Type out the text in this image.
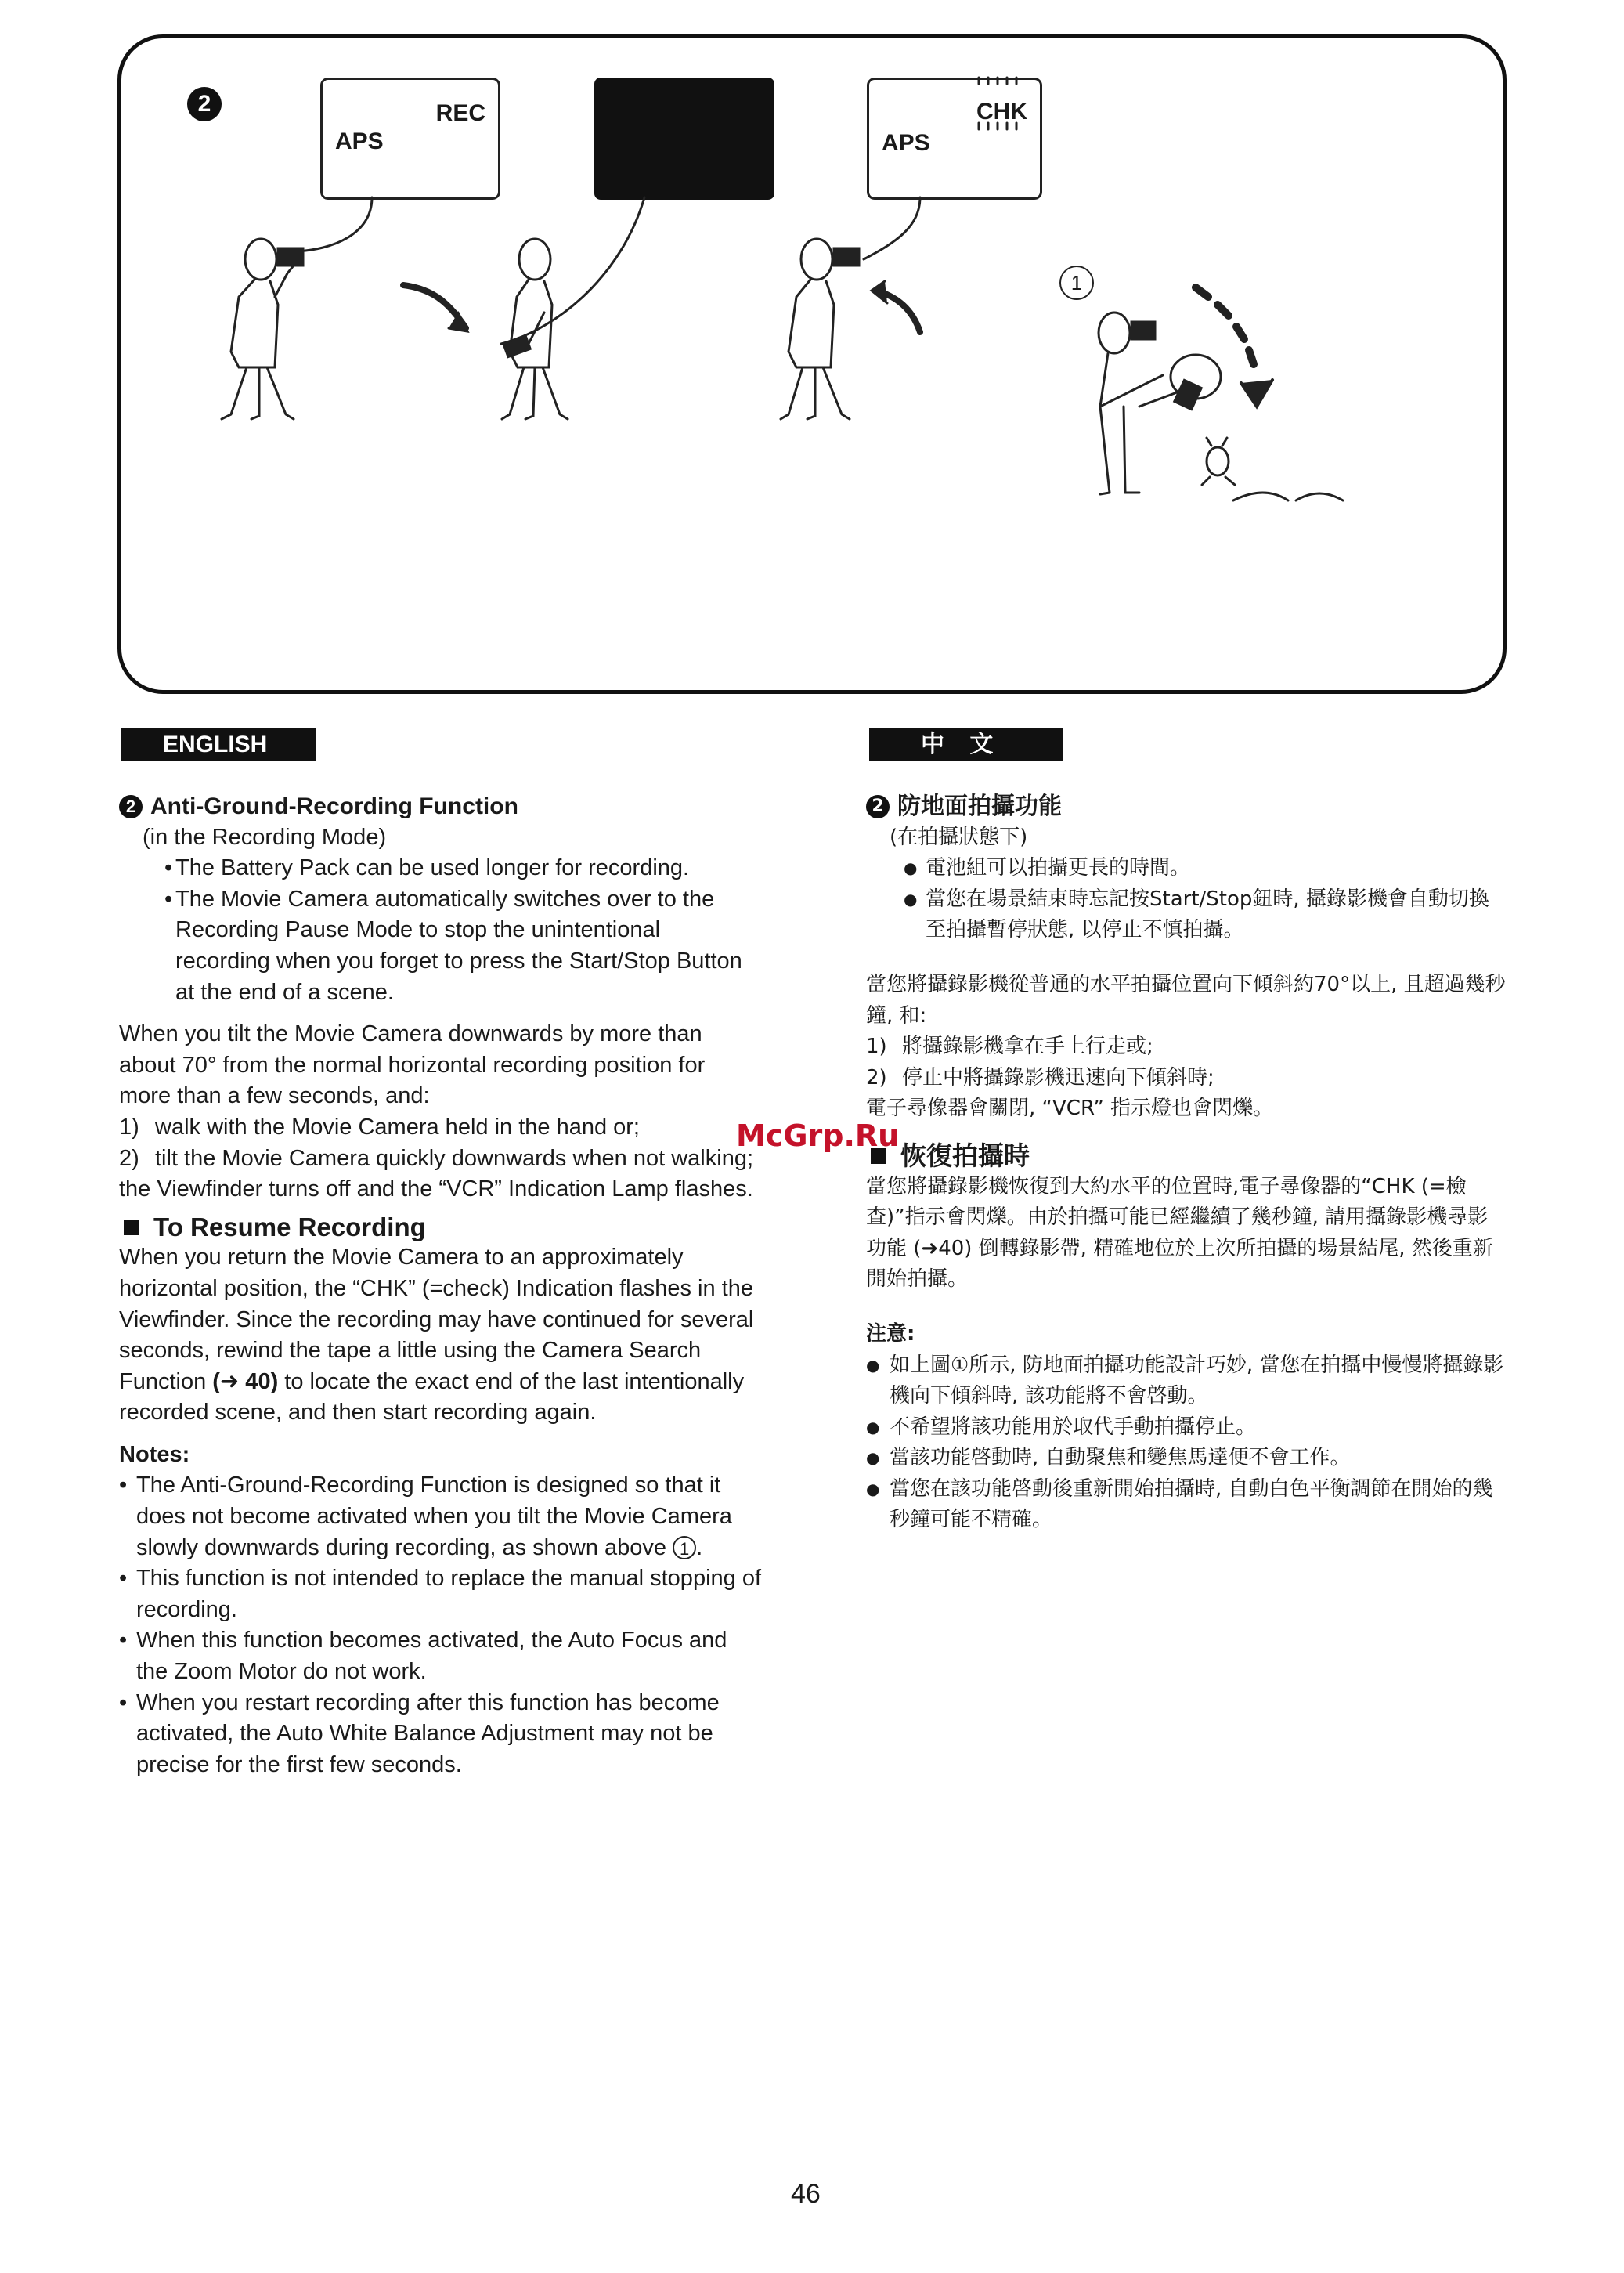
2	REC
APS
CHK
APS
1
ENGLISH	中 文
2 Anti-Ground-Recording Function
(in the Recording Mode)
• The Battery Pack can be used longer for recording.
• The Movie Camera automatically switches over to the Recording Pause Mode to stop the unintentional recording when you forget to press the Start/Stop Button at the end of a scene.
When you tilt the Movie Camera downwards by more than about 70° from the normal horizontal recording position for more than a few seconds, and:
1) walk with the Movie Camera held in the hand or;
2) tilt the Movie Camera quickly downwards when not walking;
the Viewfinder turns off and the “VCR” Indication Lamp flashes.
To Resume Recording
When you return the Movie Camera to an approximately horizontal position, the “CHK” (=check) Indication flashes in the Viewfinder. Since the recording may have continued for several seconds, rewind the tape a little using the Camera Search Function (➜ 40) to locate the exact end of the last intentionally recorded scene, and then start recording again.
Notes:
• The Anti-Ground-Recording Function is designed so that it does not become activated when you tilt the Movie Camera slowly downwards during recording, as shown above 1 .
• This function is not intended to replace the manual stopping of recording.
• When this function becomes activated, the Auto Focus and the Zoom Motor do not work.
• When you restart recording after this function has become activated, the Auto White Balance Adjustment may not be precise for the first few seconds.
2 防地面拍攝功能
(在拍攝狀態下)
● 電池組可以拍攝更長的時間。
● 當您在場景結束時忘記按Start/Stop鈕時, 攝錄影機會自動切換至拍攝暫停狀態, 以停止不慎拍攝。
當您將攝錄影機從普通的水平拍攝位置向下傾斜約70°以上, 且超過幾秒鐘, 和:
1) 將攝錄影機拿在手上行走或;
2) 停止中將攝錄影機迅速向下傾斜時;
電子尋像器會關閉, “VCR” 指示燈也會閃爍。
恢復拍攝時
當您將攝錄影機恢復到大約水平的位置時,電子尋像器的“CHK (=檢查)”指示會閃爍。由於拍攝可能已經繼續了幾秒鐘, 請用攝錄影機尋影功能 (➜40) 倒轉錄影帶, 精確地位於上次所拍攝的場景結尾, 然後重新開始拍攝。
注意:
● 如上圖①所示, 防地面拍攝功能設計巧妙, 當您在拍攝中慢慢將攝錄影機向下傾斜時, 該功能將不會啓動。
● 不希望將該功能用於取代手動拍攝停止。
● 當該功能啓動時, 自動聚焦和變焦馬達便不會工作。
● 當您在該功能啓動後重新開始拍攝時, 自動白色平衡調節在開始的幾秒鐘可能不精確。
McGrp.Ru
46
